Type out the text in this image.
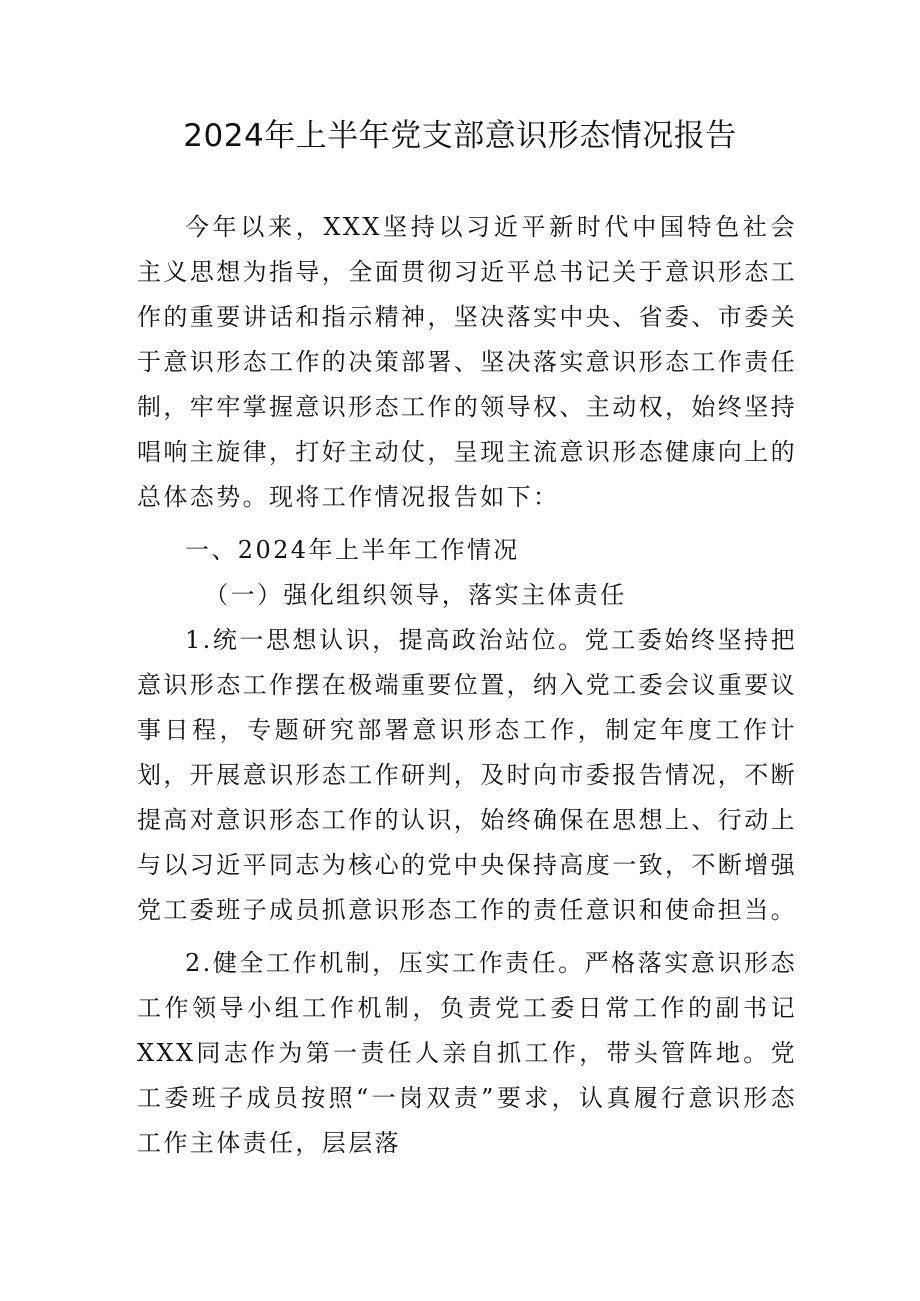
2024年上半年党支部意识形态情况报告

今年以来，XXX坚持以习近平新时代中国特色社会主义思想为指导，全面贯彻习近平总书记关于意识形态工作的重要讲话和指示精神，坚决落实中央、省委、市委关于意识形态工作的决策部署、坚决落实意识形态工作责任制，牢牢掌握意识形态工作的领导权、主动权，始终坚持唱响主旋律，打好主动仗，呈现主流意识形态健康向上的总体态势。现将工作情况报告如下：

一、2024年上半年工作情况

（一）强化组织领导，落实主体责任

1.统一思想认识，提高政治站位。党工委始终坚持把意识形态工作摆在极端重要位置，纳入党工委会议重要议事日程，专题研究部署意识形态工作，制定年度工作计划，开展意识形态工作研判，及时向市委报告情况，不断提高对意识形态工作的认识，始终确保在思想上、行动上与以习近平同志为核心的党中央保持高度一致，不断增强党工委班子成员抓意识形态工作的责任意识和使命担当。

2.健全工作机制，压实工作责任。严格落实意识形态工作领导小组工作机制，负责党工委日常工作的副书记XXX同志作为第一责任人亲自抓工作，带头管阵地。党工委班子成员按照“一岗双责”要求，认真履行意识形态工作主体责任，层层落
